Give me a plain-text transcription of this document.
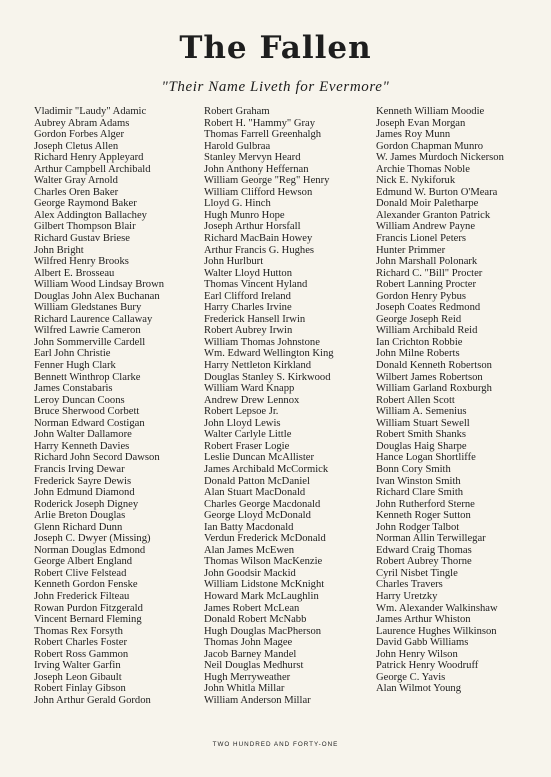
The Fallen
"Their Name Liveth for Evermore"
Vladimir "Laudy" Adamic
Aubrey Abram Adams
Gordon Forbes Alger
Joseph Cletus Allen
Richard Henry Appleyard
Arthur Campbell Archibald
Walter Gray Arnold
Charles Oren Baker
George Raymond Baker
Alex Addington Ballachey
Gilbert Thompson Blair
Richard Gustav Briese
John Bright
Wilfred Henry Brooks
Albert E. Brosseau
William Wood Lindsay Brown
Douglas John Alex Buchanan
William Gledstanes Bury
Richard Laurence Callaway
Wilfred Lawrie Cameron
John Sommerville Cardell
Earl John Christie
Fenner Hugh Clark
Bennett Winthrop Clarke
James Constabaris
Leroy Duncan Coons
Bruce Sherwood Corbett
Norman Edward Costigan
John Walter Dallamore
Harry Kenneth Davies
Richard John Secord Dawson
Francis Irving Dewar
Frederick Sayre Dewis
John Edmund Diamond
Roderick Joseph Digney
Arlie Breton Douglas
Glenn Richard Dunn
Joseph C. Dwyer (Missing)
Norman Douglas Edmond
George Albert England
Robert Clive Felstead
Kenneth Gordon Fenske
John Frederick Filteau
Rowan Purdon Fitzgerald
Vincent Bernard Fleming
Thomas Rex Forsyth
Robert Charles Foster
Robert Ross Gammon
Irving Walter Garfin
Joseph Leon Gibault
Robert Finlay Gibson
John Arthur Gerald Gordon
Robert Graham
Robert H. "Hammy" Gray
Thomas Farrell Greenhalgh
Harold Gulbraa
Stanley Mervyn Heard
John Anthony Heffernan
William George "Reg" Henry
William Clifford Hewson
Lloyd G. Hinch
Hugh Munro Hope
Joseph Arthur Horsfall
Richard MacBain Howey
Arthur Francis G. Hughes
John Hurlburt
Walter Lloyd Hutton
Thomas Vincent Hyland
Earl Clifford Ireland
Harry Charles Irvine
Frederick Hansell Irwin
Robert Aubrey Irwin
William Thomas Johnstone
Wm. Edward Wellington King
Harry Nettleton Kirkland
Douglas Stanley S. Kirkwood
William Ward Knapp
Andrew Drew Lennox
Robert Lepsoe Jr.
John Lloyd Lewis
Walter Carlyle Little
Robert Fraser Logie
Leslie Duncan McAllister
James Archibald McCormick
Donald Patton McDaniel
Alan Stuart MacDonald
Charles George Macdonald
George Lloyd McDonald
Ian Batty Macdonald
Verdun Frederick McDonald
Alan James McEwen
Thomas Wilson MacKenzie
John Goodsir Mackid
William Lidstone McKnight
Howard Mark McLaughlin
James Robert McLean
Donald Robert McNabb
Hugh Douglas MacPherson
Thomas John Magee
Jacob Barney Mandel
Neil Douglas Medhurst
Hugh Merryweather
John Whitla Millar
William Anderson Millar
Kenneth William Moodie
Joseph Evan Morgan
James Roy Munn
Gordon Chapman Munro
W. James Murdoch Nickerson
Archie Thomas Noble
Nick E. Nykiforuk
Edmund W. Burton O'Meara
Donald Moir Paletharpe
Alexander Granton Patrick
William Andrew Payne
Francis Lionel Peters
Hunter Primmer
John Marshall Polonark
Richard C. "Bill" Procter
Robert Lanning Procter
Gordon Henry Pybus
Joseph Coates Redmond
George Joseph Reid
William Archibald Reid
Ian Crichton Robbie
John Milne Roberts
Donald Kenneth Robertson
Wilbert James Robertson
William Garland Roxburgh
Robert Allen Scott
William A. Semenius
William Stuart Sewell
Robert Smith Shanks
Douglas Haig Sharpe
Hance Logan Shortliffe
Bonn Cory Smith
Ivan Winston Smith
Richard Clare Smith
John Rutherford Sterne
Kenneth Roger Sutton
John Rodger Talbot
Norman Allin Terwillegar
Edward Craig Thomas
Robert Aubrey Thorne
Cyril Nisbet Tingle
Charles Travers
Harry Uretzky
Wm. Alexander Walkinshaw
James Arthur Whiston
Laurence Hughes Wilkinson
David Gabb Williams
John Henry Wilson
Patrick Henry Woodruff
George C. Yavis
Alan Wilmot Young
TWO HUNDRED AND FORTY-ONE
